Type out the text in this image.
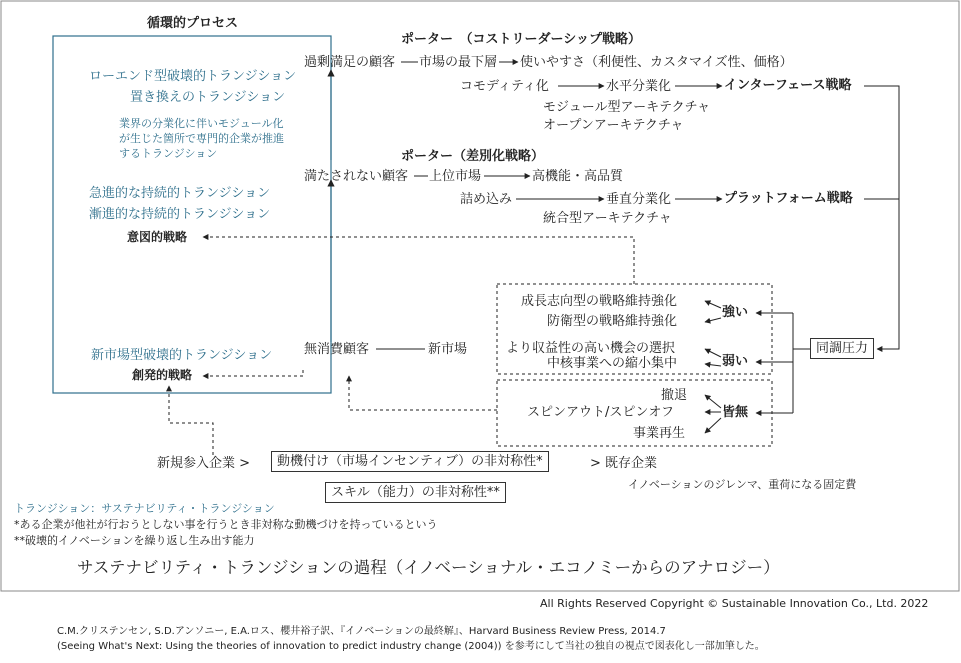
循環的プロセス
ローエンド型破壊的トランジション
置き換えのトランジション
業界の分業化に伴いモジュール化
が生じた箇所で専門的企業が推進
するトランジション
急進的な持続的トランジション
漸進的な持続的トランジション
意図的戦略
新市場型破壊的トランジション
創発的戦略
ポーター　（コストリーダーシップ戦略）
過剰満足の顧客 市場の最下層 使いやすさ（利便性、カスタマイズ性、価格）
コモディティ化	水平分業化	インターフェース戦略
モジュール型アーキテクチャ
オープンアーキテクチャ
ポーター（差別化戦略）
満たされない顧客 上位市場	高機能・高品質
詰め込み	垂直分業化	プラットフォーム戦略
統合型アーキテクチャ
無消費顧客	新市場
成長志向型の戦略維持強化
防衛型の戦略維持強化
強い
より収益性の高い機会の選択
中核事業への縮小集中	弱い
撤退
スピンアウト/スピンオフ
事業再生
皆無
同調圧力
新規参入企業 >	動機付け（市場インセンティブ）の非対称性*	> 既存企業
イノベーションのジレンマ、重荷になる固定費
スキル（能力）の非対称性**
トランジション：サステナビリティ・トランジション
*ある企業が他社が行おうとしない事を行うとき非対称な動機づけを持っているという
**破壊的イノベーションを繰り返し生み出す能力
サステナビリティ・トランジションの過程（イノベーショナル・エコノミーからのアナロジー）
All Rights Reserved Copyright © Sustainable Innovation Co., Ltd. 2022
C.M.クリステンセン, S.D.アンソニー, E.A.ロス、櫻井裕子訳、『イノベーションの最終解』、Harvard Business Review Press, 2014.7
(Seeing What's Next: Using the theories of innovation to predict industry change (2004)) を参考にして当社の独自の視点で図表化し一部加筆した。
